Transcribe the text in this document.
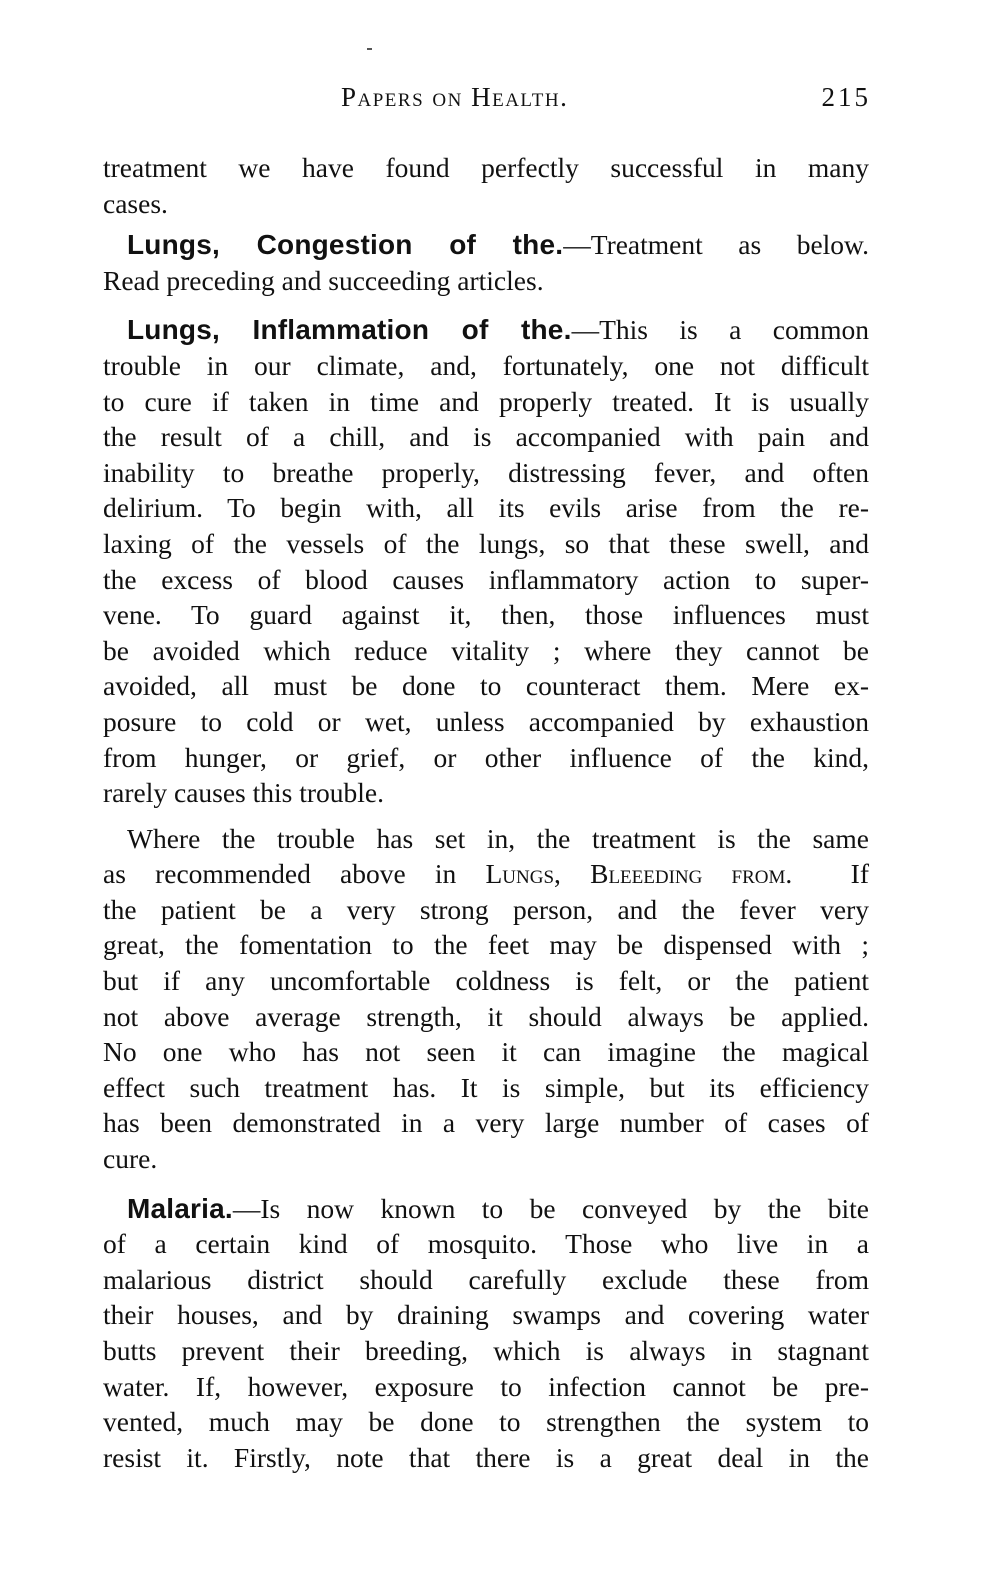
Papers on Health.	215
treatment we have found perfectly successful in many
cases.
Lungs, Congestion of the.—Treatment as below.
Read preceding and succeeding articles.
Lungs, Inflammation of the.—This is a common
trouble in our climate, and, fortunately, one not difficult
to cure if taken in time and properly treated. It is usually
the result of a chill, and is accompanied with pain and
inability to breathe properly, distressing fever, and often
delirium. To begin with, all its evils arise from the re-
laxing of the vessels of the lungs, so that these swell, and
the excess of blood causes inflammatory action to super-
vene. To guard against it, then, those influences must
be avoided which reduce vitality ; where they cannot be
avoided, all must be done to counteract them. Mere ex-
posure to cold or wet, unless accompanied by exhaustion
from hunger, or grief, or other influence of the kind,
rarely causes this trouble.
Where the trouble has set in, the treatment is the same
as recommended above in Lungs, Bleeeding from. If
the patient be a very strong person, and the fever very
great, the fomentation to the feet may be dispensed with ;
but if any uncomfortable coldness is felt, or the patient
not above average strength, it should always be applied.
No one who has not seen it can imagine the magical
effect such treatment has. It is simple, but its efficiency
has been demonstrated in a very large number of cases of
cure.
Malaria.—Is now known to be conveyed by the bite
of a certain kind of mosquito. Those who live in a
malarious district should carefully exclude these from
their houses, and by draining swamps and covering water
butts prevent their breeding, which is always in stagnant
water. If, however, exposure to infection cannot be pre-
vented, much may be done to strengthen the system to
resist it. Firstly, note that there is a great deal in the
